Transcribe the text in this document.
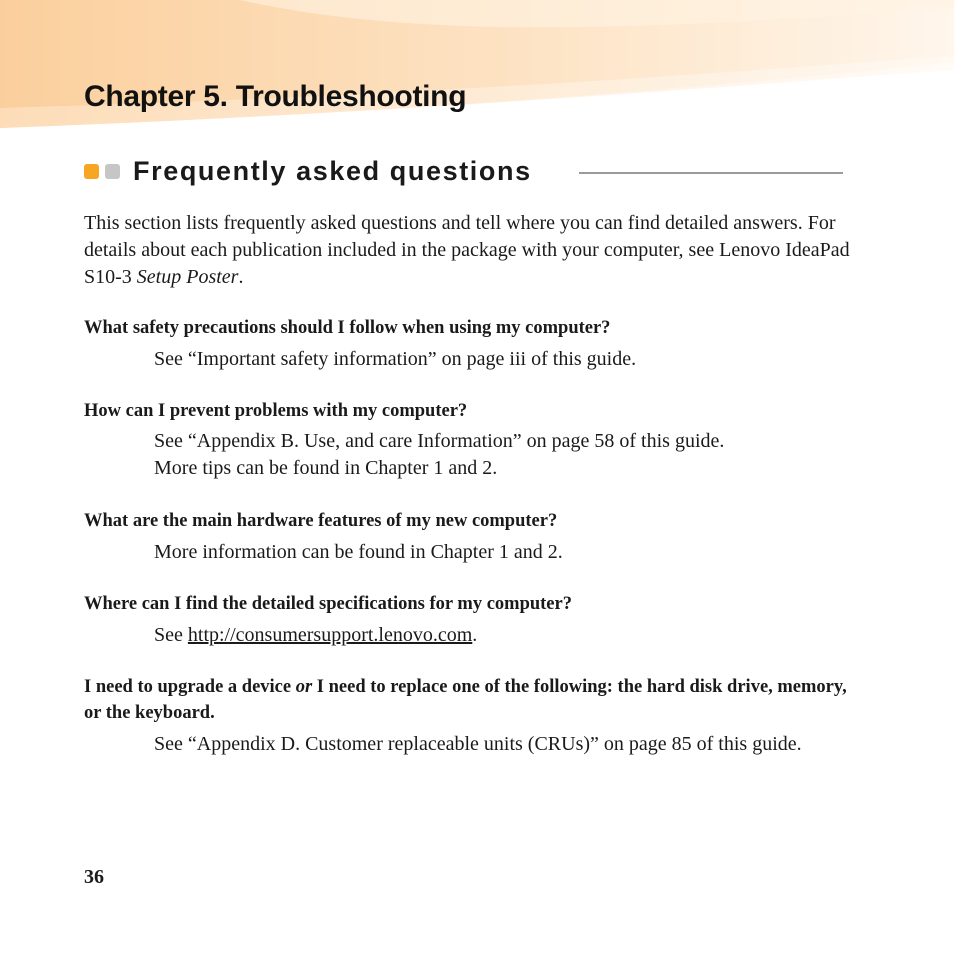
Chapter 5. Troubleshooting
Frequently asked questions

This section lists frequently asked questions and tell where you can find detailed answers. For details about each publication included in the package with your computer, see Lenovo IdeaPad S10-3 Setup Poster.

What safety precautions should I follow when using my computer?

See “Important safety information” on page iii of this guide.

How can I prevent problems with my computer?

See “Appendix B. Use, and care Information” on page 58 of this guide.
More tips can be found in Chapter 1 and 2.

What are the main hardware features of my new computer?

More information can be found in Chapter 1 and 2.

Where can I find the detailed specifications for my computer?

See http://consumersupport.lenovo.com.

I need to upgrade a device or I need to replace one of the following: the hard disk drive, memory, or the keyboard.

See “Appendix D. Customer replaceable units (CRUs)” on page 85 of this guide.

36
